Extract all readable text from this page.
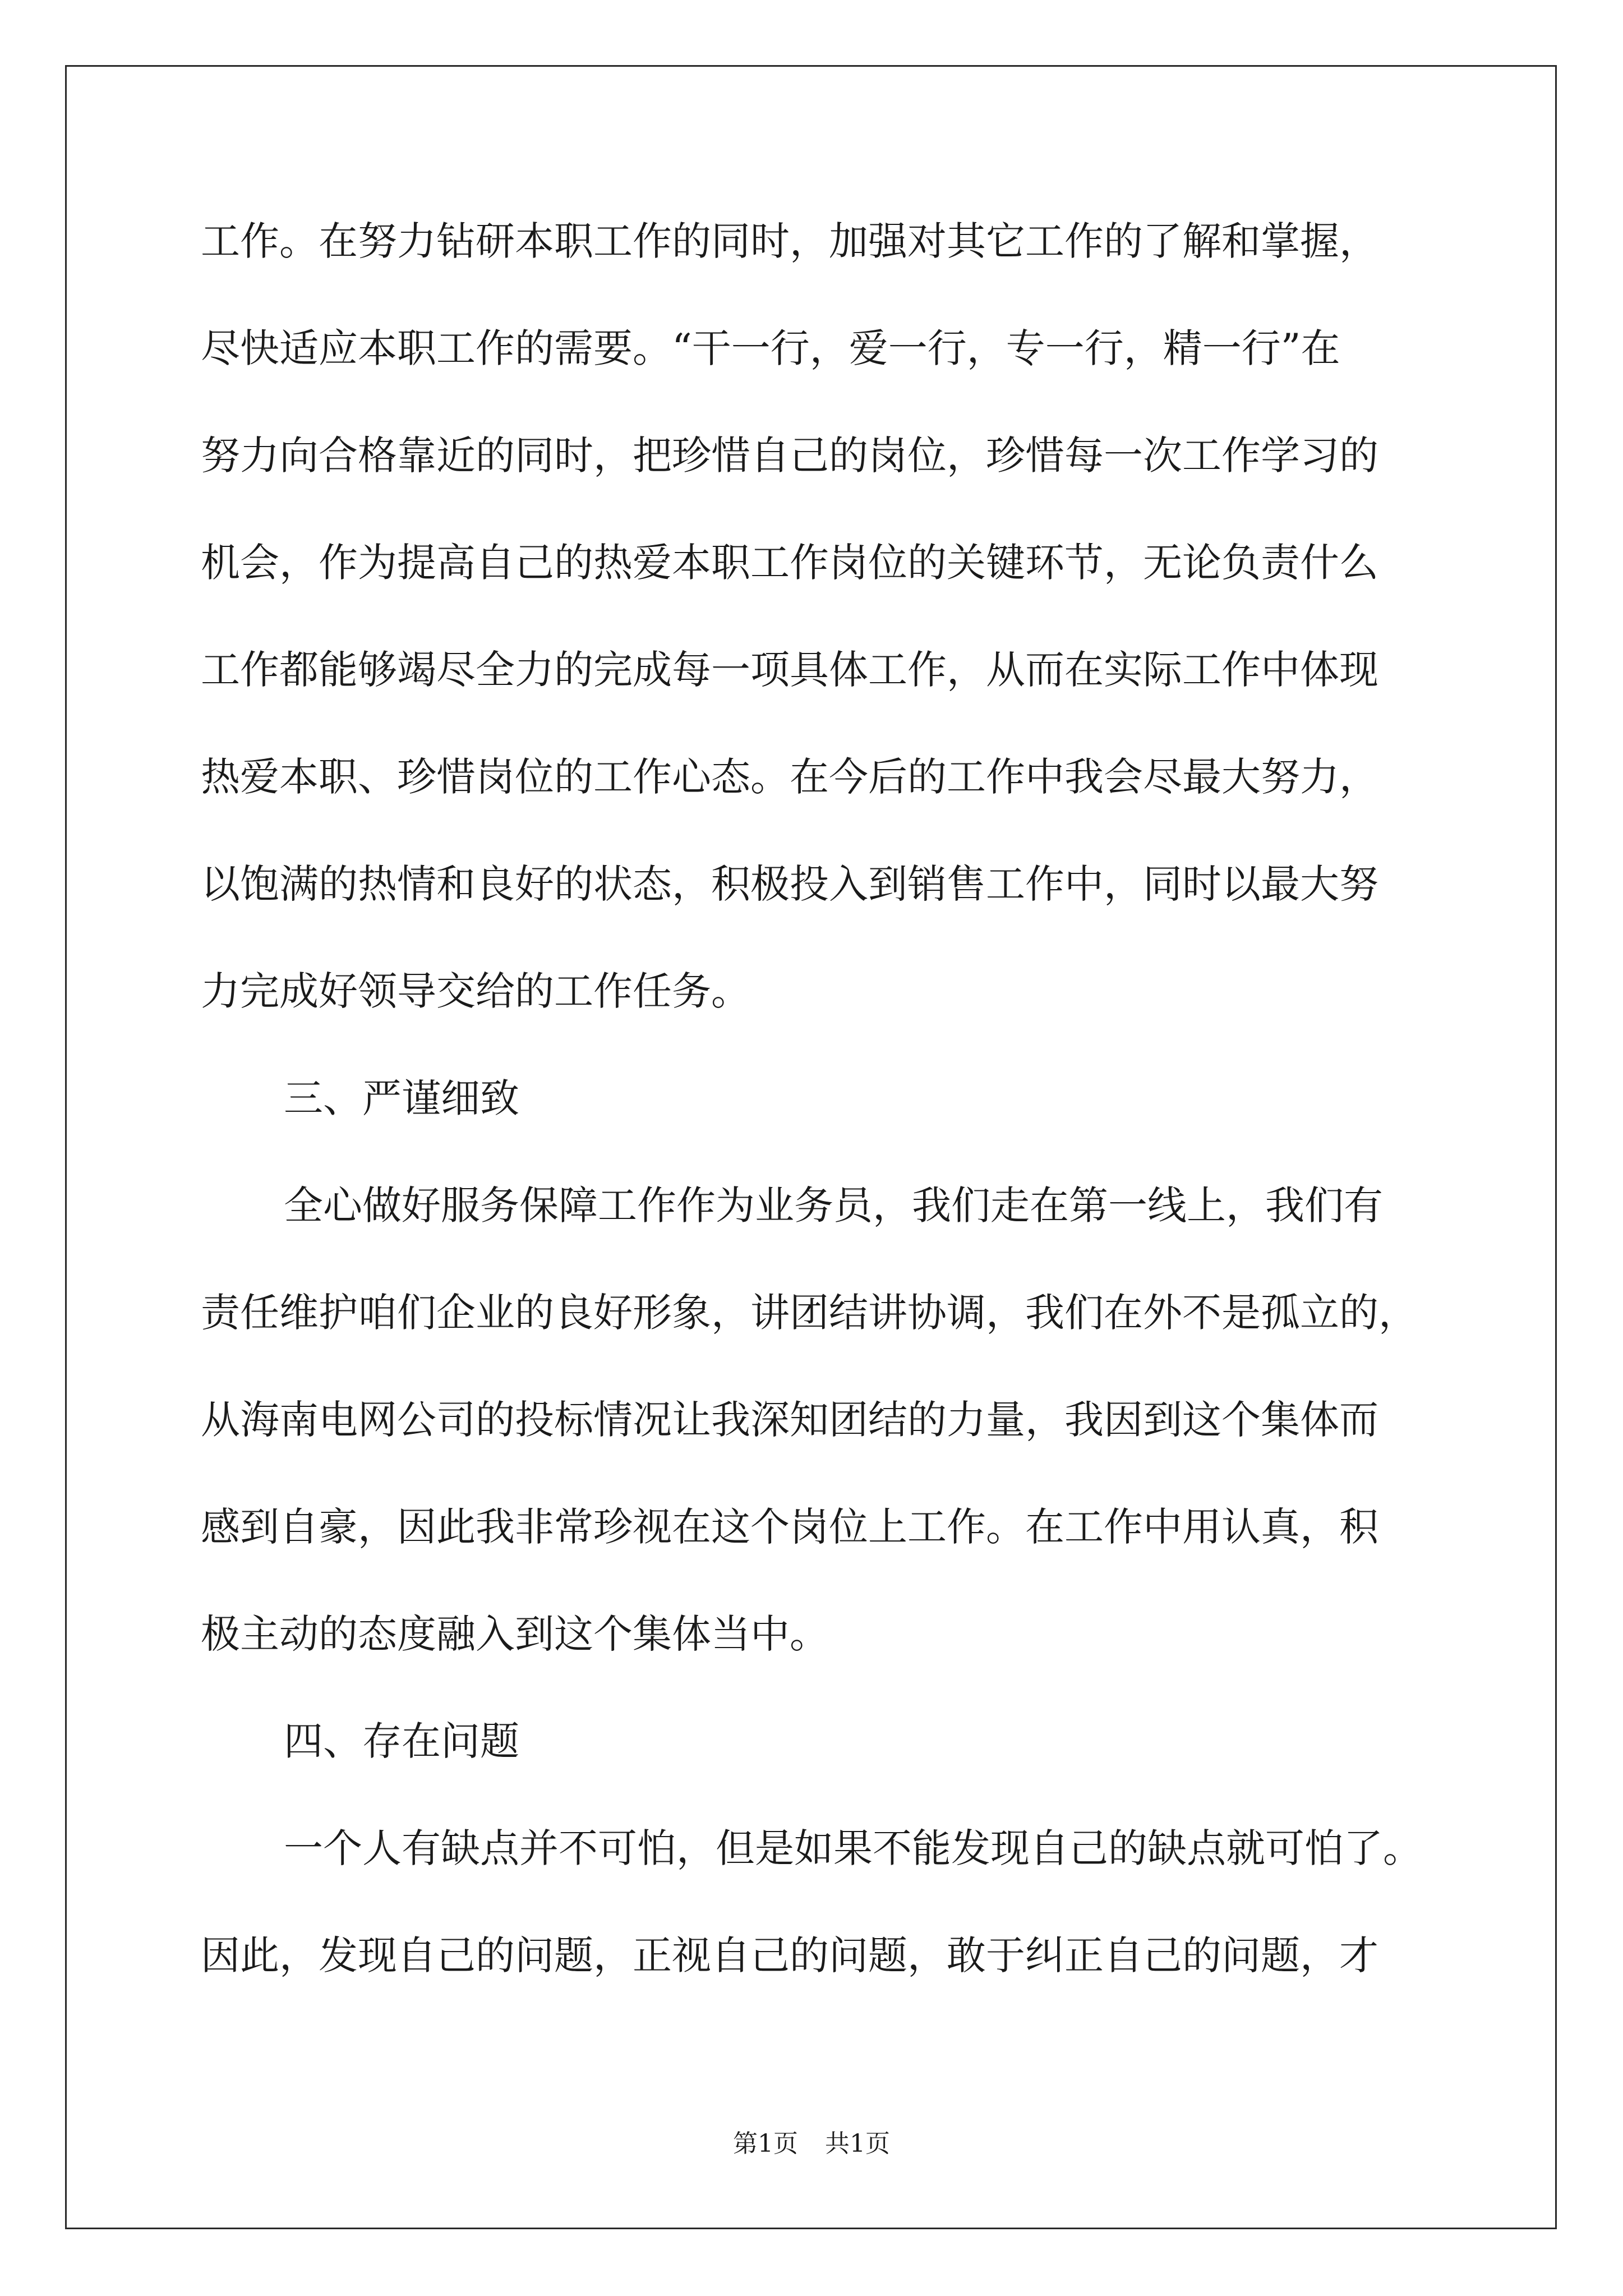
工作。在努力钻研本职工作的同时，加强对其它工作的了解和掌握，
尽快适应本职工作的需要。“干一行，爱一行，专一行，精一行”在
努力向合格靠近的同时，把珍惜自己的岗位，珍惜每一次工作学习的
机会，作为提高自己的热爱本职工作岗位的关键环节，无论负责什么
工作都能够竭尽全力的完成每一项具体工作，从而在实际工作中体现
热爱本职、珍惜岗位的工作心态。在今后的工作中我会尽最大努力，
以饱满的热情和良好的状态，积极投入到销售工作中，同时以最大努
力完成好领导交给的工作任务。
三、严谨细致
全心做好服务保障工作作为业务员，我们走在第一线上，我们有
责任维护咱们企业的良好形象，讲团结讲协调，我们在外不是孤立的，
从海南电网公司的投标情况让我深知团结的力量，我因到这个集体而
感到自豪，因此我非常珍视在这个岗位上工作。在工作中用认真，积
极主动的态度融入到这个集体当中。
四、存在问题
一个人有缺点并不可怕，但是如果不能发现自己的缺点就可怕了。
因此，发现自己的问题，正视自己的问题，敢于纠正自己的问题，才
第1页 共1页
